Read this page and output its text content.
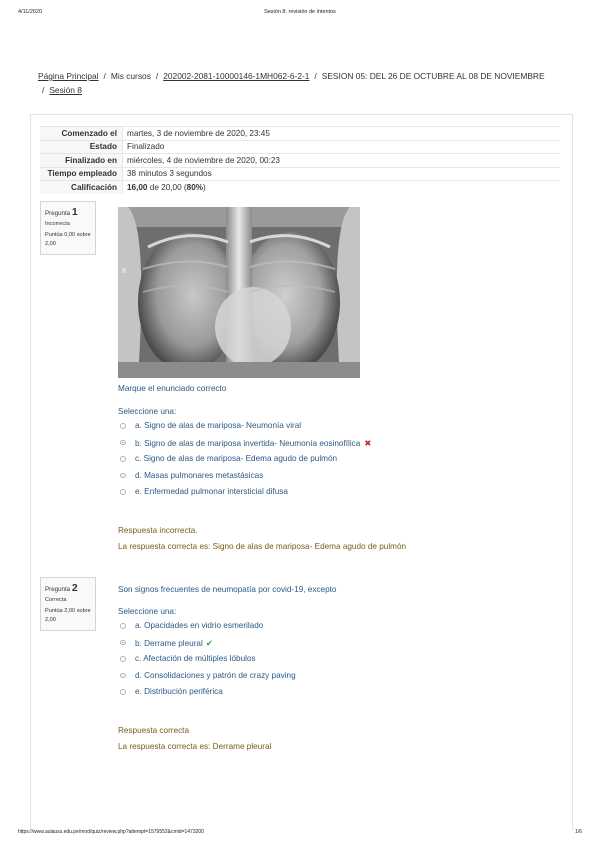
4/11/2020	Sesión 8: revisión de intentos
Página Principal / Mis cursos / 202002-2081-10000146-1MH062-6-2-1 / SESION 05: DEL 26 DE OCTUBRE AL 08 DE NOVIEMBRE
/ Sesión 8
Comenzado el	martes, 3 de noviembre de 2020, 23:45
Estado	Finalizado
Finalizado en	miércoles, 4 de noviembre de 2020, 00:23
Tiempo empleado	38 minutos 3 segundos
Calificación	16,00 de 20,00 (80%)
Pregunta 1
Incorrecta
Puntúa 0,00 sobre 2,00
R
Marque el enunciado correcto
Seleccione una:
a. Signo de alas de mariposa- Neumonía viral
b. Signo de alas de mariposa invertida- Neumonía eosinofílica ✖
c. Signo de alas de mariposa- Edema agudo de pulmón
d. Masas pulmonares metastásicas
e. Enfermedad pulmonar intersticial difusa
Respuesta incorrecta.
La respuesta correcta es: Signo de alas de mariposa- Edema agudo de pulmón
Pregunta 2
Correcta
Puntúa 2,00 sobre 2,00
Son signos frecuentes de neumopatía por covid-19, excepto
Seleccione una:
a. Opacidades en vidrio esmerilado
b. Derrame pleural ✔
c. Afectación de múltiples lóbulos
d. Consolidaciones y patrón de crazy paving
e. Distribución periférica
Respuesta correcta
La respuesta correcta es: Derrame pleural
https://www.aulauss.edu.pe/mod/quiz/review.php?attempt=1579552&cmid=1473200	1/6
